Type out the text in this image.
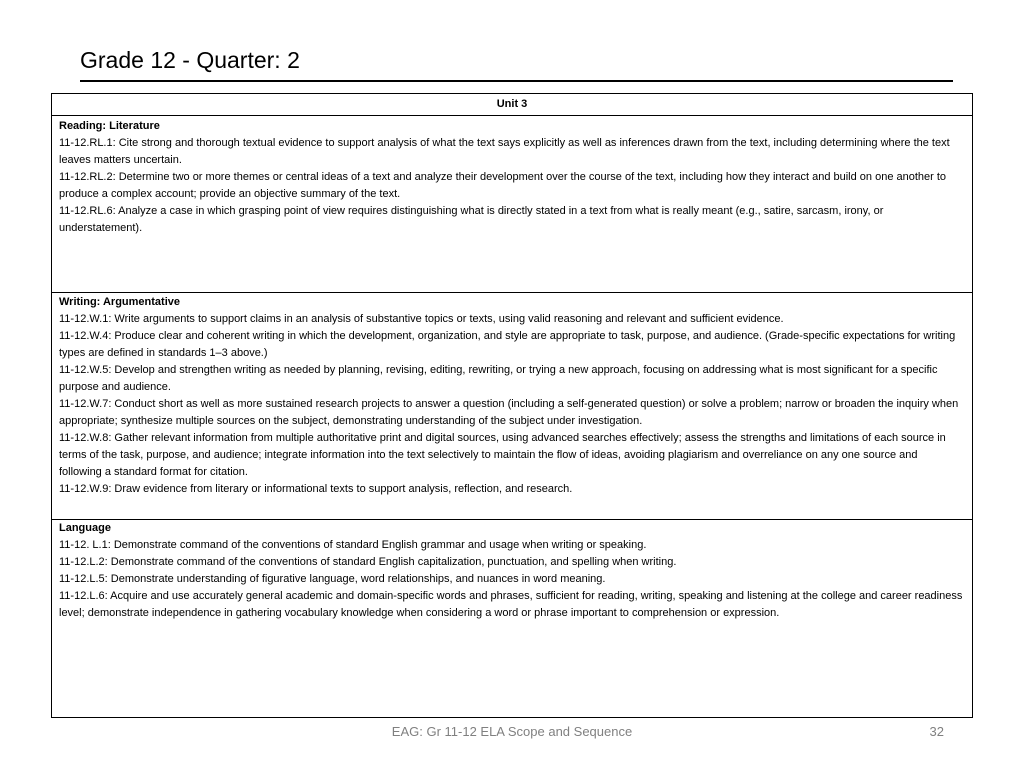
Grade 12 - Quarter: 2
Unit 3
Reading: Literature

11-12.RL.1: Cite strong and thorough textual evidence to support analysis of what the text says explicitly as well as inferences drawn from the text, including determining where the text leaves matters uncertain.

11-12.RL.2: Determine two or more themes or central ideas of a text and analyze their development over the course of the text, including how they interact and build on one another to produce a complex account; provide an objective summary of the text.

11-12.RL.6: Analyze a case in which grasping point of view requires distinguishing what is directly stated in a text from what is really meant (e.g., satire, sarcasm, irony, or understatement).

Writing: Argumentative

11-12.W.1: Write arguments to support claims in an analysis of substantive topics or texts, using valid reasoning and relevant and sufficient evidence.

11-12.W.4: Produce clear and coherent writing in which the development, organization, and style are appropriate to task, purpose, and audience. (Grade-specific expectations for writing types are defined in standards 1–3 above.)

11-12.W.5: Develop and strengthen writing as needed by planning, revising, editing, rewriting, or trying a new approach, focusing on addressing what is most significant for a specific purpose and audience.

11-12.W.7: Conduct short as well as more sustained research projects to answer a question (including a self-generated question) or solve a problem; narrow or broaden the inquiry when appropriate; synthesize multiple sources on the subject, demonstrating understanding of the subject under investigation.

11-12.W.8: Gather relevant information from multiple authoritative print and digital sources, using advanced searches effectively; assess the strengths and limitations of each source in terms of the task, purpose, and audience; integrate information into the text selectively to maintain the flow of ideas, avoiding plagiarism and overreliance on any one source and following a standard format for citation.

11-12.W.9: Draw evidence from literary or informational texts to support analysis, reflection, and research.

Language

11-12. L.1: Demonstrate command of the conventions of standard English grammar and usage when writing or speaking.

11-12.L.2: Demonstrate command of the conventions of standard English capitalization, punctuation, and spelling when writing.

11-12.L.5: Demonstrate understanding of figurative language, word relationships, and nuances in word meaning.

11-12.L.6: Acquire and use accurately general academic and domain-specific words and phrases, sufficient for reading, writing, speaking and listening at the college and career readiness level; demonstrate independence in gathering vocabulary knowledge when considering a word or phrase important to comprehension or expression.

EAG: Gr 11-12 ELA Scope and Sequence	32
